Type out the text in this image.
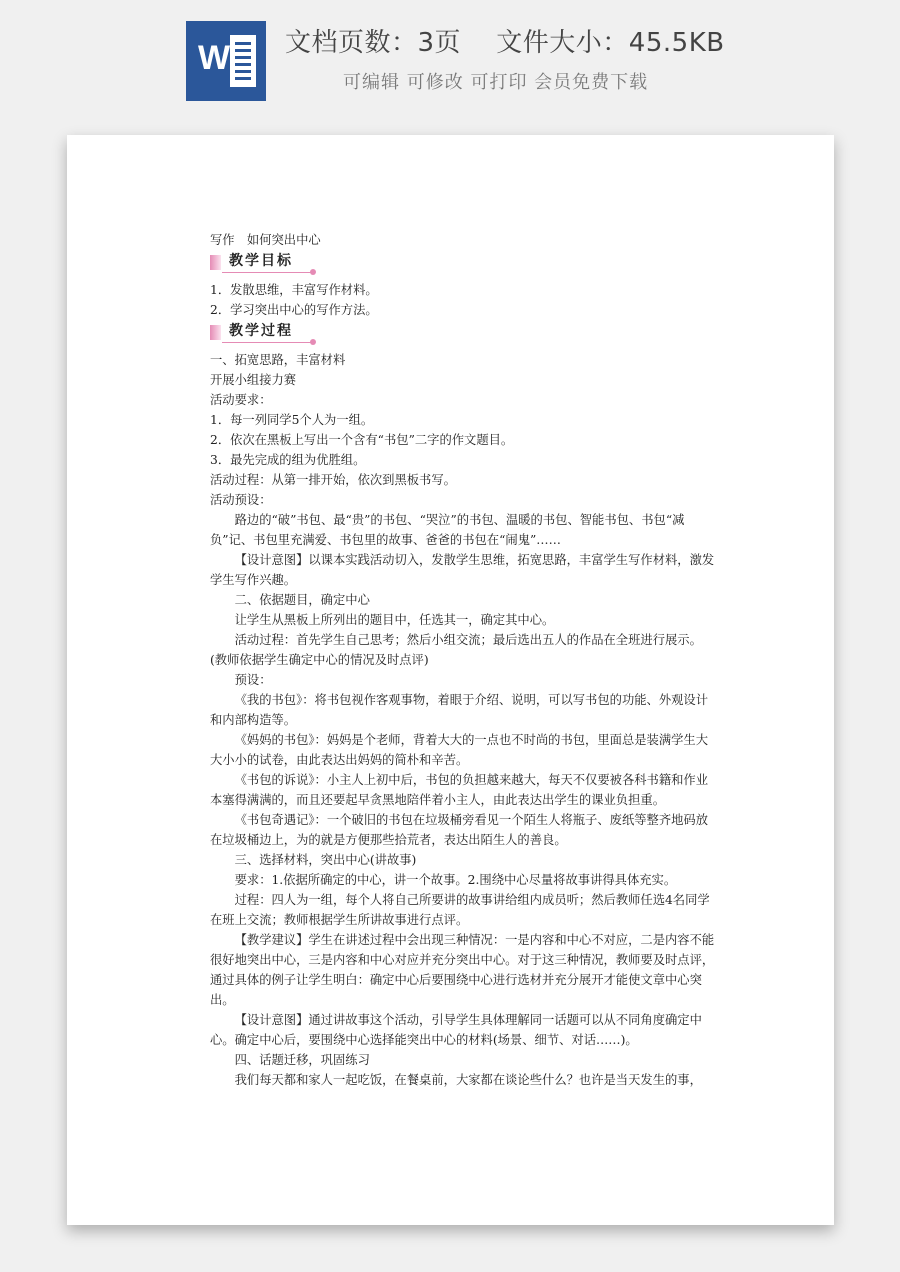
W 文档页数：3页　 文件大小：45.5KB
可编辑 可修改 可打印 会员免费下载

写作　如何突出中心

教学目标

1．发散思维，丰富写作材料。

2．学习突出中心的写作方法。

教学过程

一、拓宽思路，丰富材料

开展小组接力赛

活动要求：

1．每一列同学5个人为一组。

2．依次在黑板上写出一个含有“书包”二字的作文题目。

3．最先完成的组为优胜组。

活动过程：从第一排开始，依次到黑板书写。

活动预设：

路边的“破”书包、最“贵”的书包、“哭泣”的书包、温暖的书包、智能书包、书包“减负”记、书包里充满爱、书包里的故事、爸爸的书包在“闹鬼”……

【设计意图】以课本实践活动切入，发散学生思维，拓宽思路，丰富学生写作材料，激发学生写作兴趣。

二、依据题目，确定中心

让学生从黑板上所列出的题目中，任选其一，确定其中心。

活动过程：首先学生自己思考；然后小组交流；最后选出五人的作品在全班进行展示。(教师依据学生确定中心的情况及时点评)

预设：

《我的书包》：将书包视作客观事物，着眼于介绍、说明，可以写书包的功能、外观设计和内部构造等。

《妈妈的书包》：妈妈是个老师，背着大大的一点也不时尚的书包，里面总是装满学生大大小小的试卷，由此表达出妈妈的简朴和辛苦。

《书包的诉说》：小主人上初中后，书包的负担越来越大，每天不仅要被各科书籍和作业本塞得满满的，而且还要起早贪黑地陪伴着小主人，由此表达出学生的课业负担重。

《书包奇遇记》：一个破旧的书包在垃圾桶旁看见一个陌生人将瓶子、废纸等整齐地码放在垃圾桶边上，为的就是方便那些拾荒者，表达出陌生人的善良。

三、选择材料，突出中心(讲故事)

要求：1.依据所确定的中心，讲一个故事。2.围绕中心尽量将故事讲得具体充实。

过程：四人为一组，每个人将自己所要讲的故事讲给组内成员听；然后教师任选4名同学在班上交流；教师根据学生所讲故事进行点评。

【教学建议】学生在讲述过程中会出现三种情况：一是内容和中心不对应，二是内容不能很好地突出中心，三是内容和中心对应并充分突出中心。对于这三种情况，教师要及时点评，通过具体的例子让学生明白：确定中心后要围绕中心进行选材并充分展开才能使文章中心突出。

【设计意图】通过讲故事这个活动，引导学生具体理解同一话题可以从不同角度确定中心。确定中心后，要围绕中心选择能突出中心的材料(场景、细节、对话……)。

四、话题迁移，巩固练习

我们每天都和家人一起吃饭，在餐桌前，大家都在谈论些什么？也许是当天发生的事，
